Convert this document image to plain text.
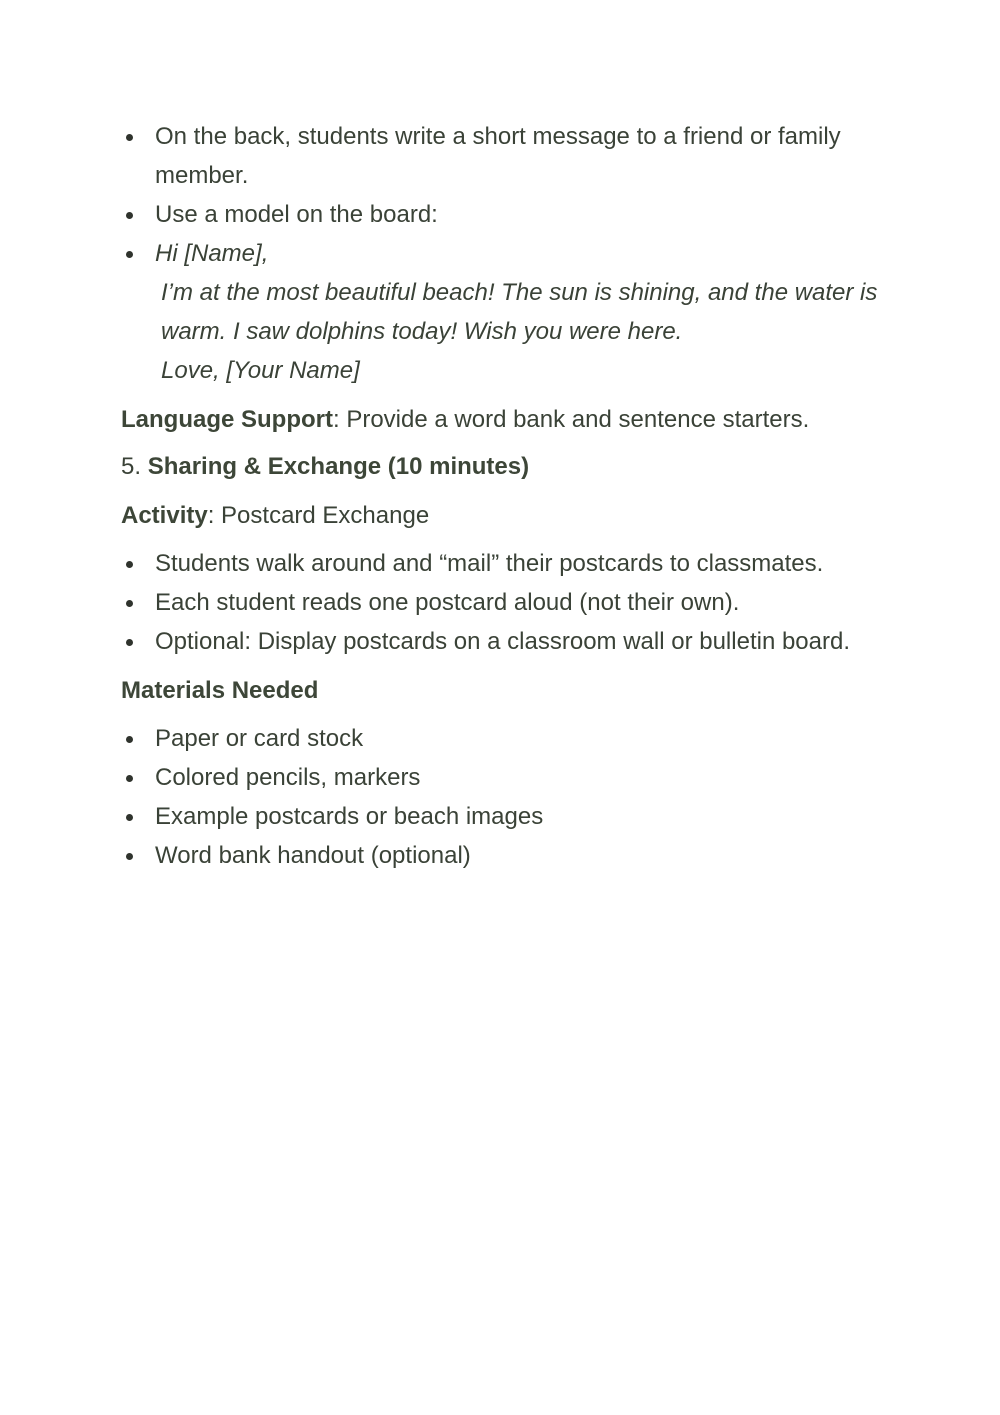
On the back, students write a short message to a friend or family member.
Use a model on the board:
Hi [Name],
I’m at the most beautiful beach! The sun is shining, and the water is warm. I saw dolphins today! Wish you were here.
Love, [Your Name]

Language Support: Provide a word bank and sentence starters.

5. Sharing & Exchange (10 minutes)

Activity: Postcard Exchange

Students walk around and “mail” their postcards to classmates.
Each student reads one postcard aloud (not their own).
Optional: Display postcards on a classroom wall or bulletin board.

Materials Needed

Paper or card stock
Colored pencils, markers
Example postcards or beach images
Word bank handout (optional)
